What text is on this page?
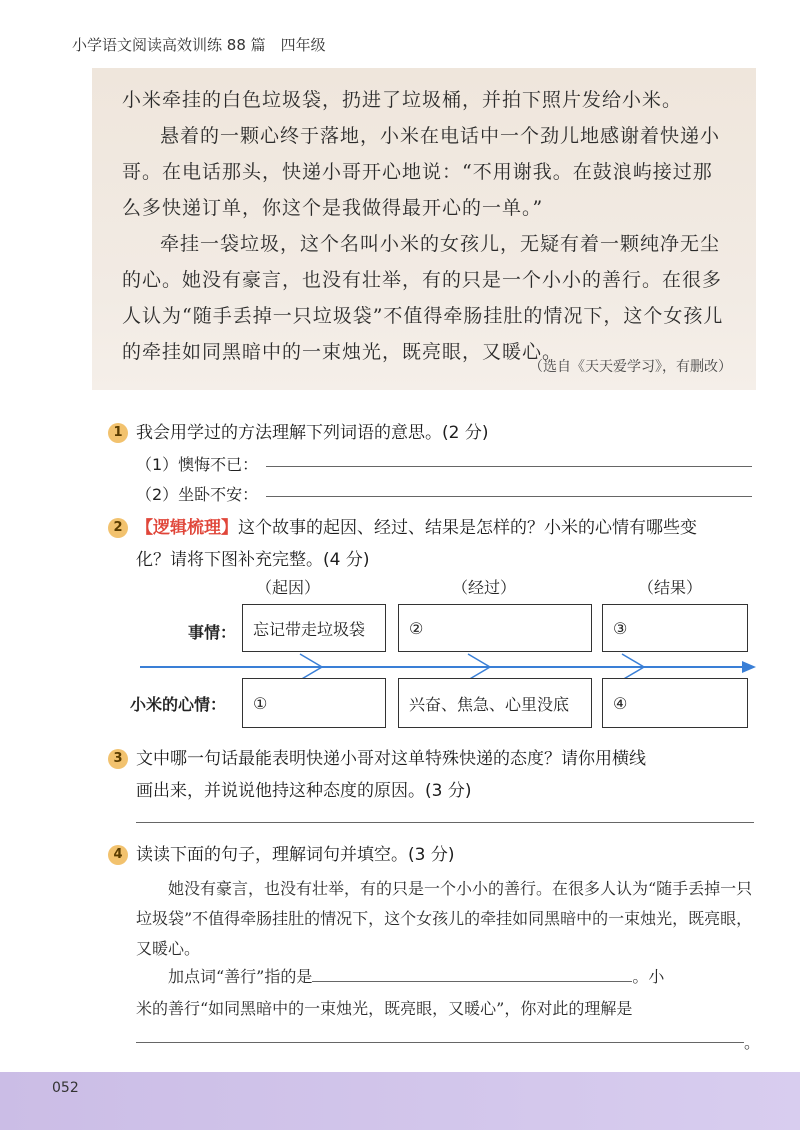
小学语文阅读高效训练 88 篇　四年级

小米牵挂的白色垃圾袋，扔进了垃圾桶，并拍下照片发给小米。

悬着的一颗心终于落地，小米在电话中一个劲儿地感谢着快递小哥。在电话那头，快递小哥开心地说：“不用谢我。在鼓浪屿接过那么多快递订单，你这个是我做得最开心的一单。”

牵挂一袋垃圾，这个名叫小米的女孩儿，无疑有着一颗纯净无尘的心。她没有豪言，也没有壮举，有的只是一个小小的善行。在很多人认为“随手丢掉一只垃圾袋”不值得牵肠挂肚的情况下，这个女孩儿的牵挂如同黑暗中的一束烛光，既亮眼，又暖心。

（选自《天天爱学习》，有删改）
1 我会用学过的方法理解下列词语的意思。(2 分)
（1）懊悔不已：
（2）坐卧不安：
2 【逻辑梳理】这个故事的起因、经过、结果是怎样的？小米的心情有哪些变
化？请将下图补充完整。(4 分)
（起因）	（经过）	（结果）
事情：	忘记带走垃圾袋	②	③
小米的心情：	①	兴奋、焦急、心里没底	④
3 文中哪一句话最能表明快递小哥对这单特殊快递的态度？请你用横线
画出来，并说说他持这种态度的原因。(3 分)
4 读读下面的句子，理解词句并填空。(3 分)
她没有豪言，也没有壮举，有的只是一个小小的善行。在很多人认为“随手丢掉一只垃圾袋”不值得牵肠挂肚的情况下，这个女孩儿的牵挂如同黑暗中的一束烛光，既亮眼，又暖心。
加点词“善行”指的是	。小
米的善行“如同黑暗中的一束烛光，既亮眼，又暖心”，你对此的理解是
。
052
